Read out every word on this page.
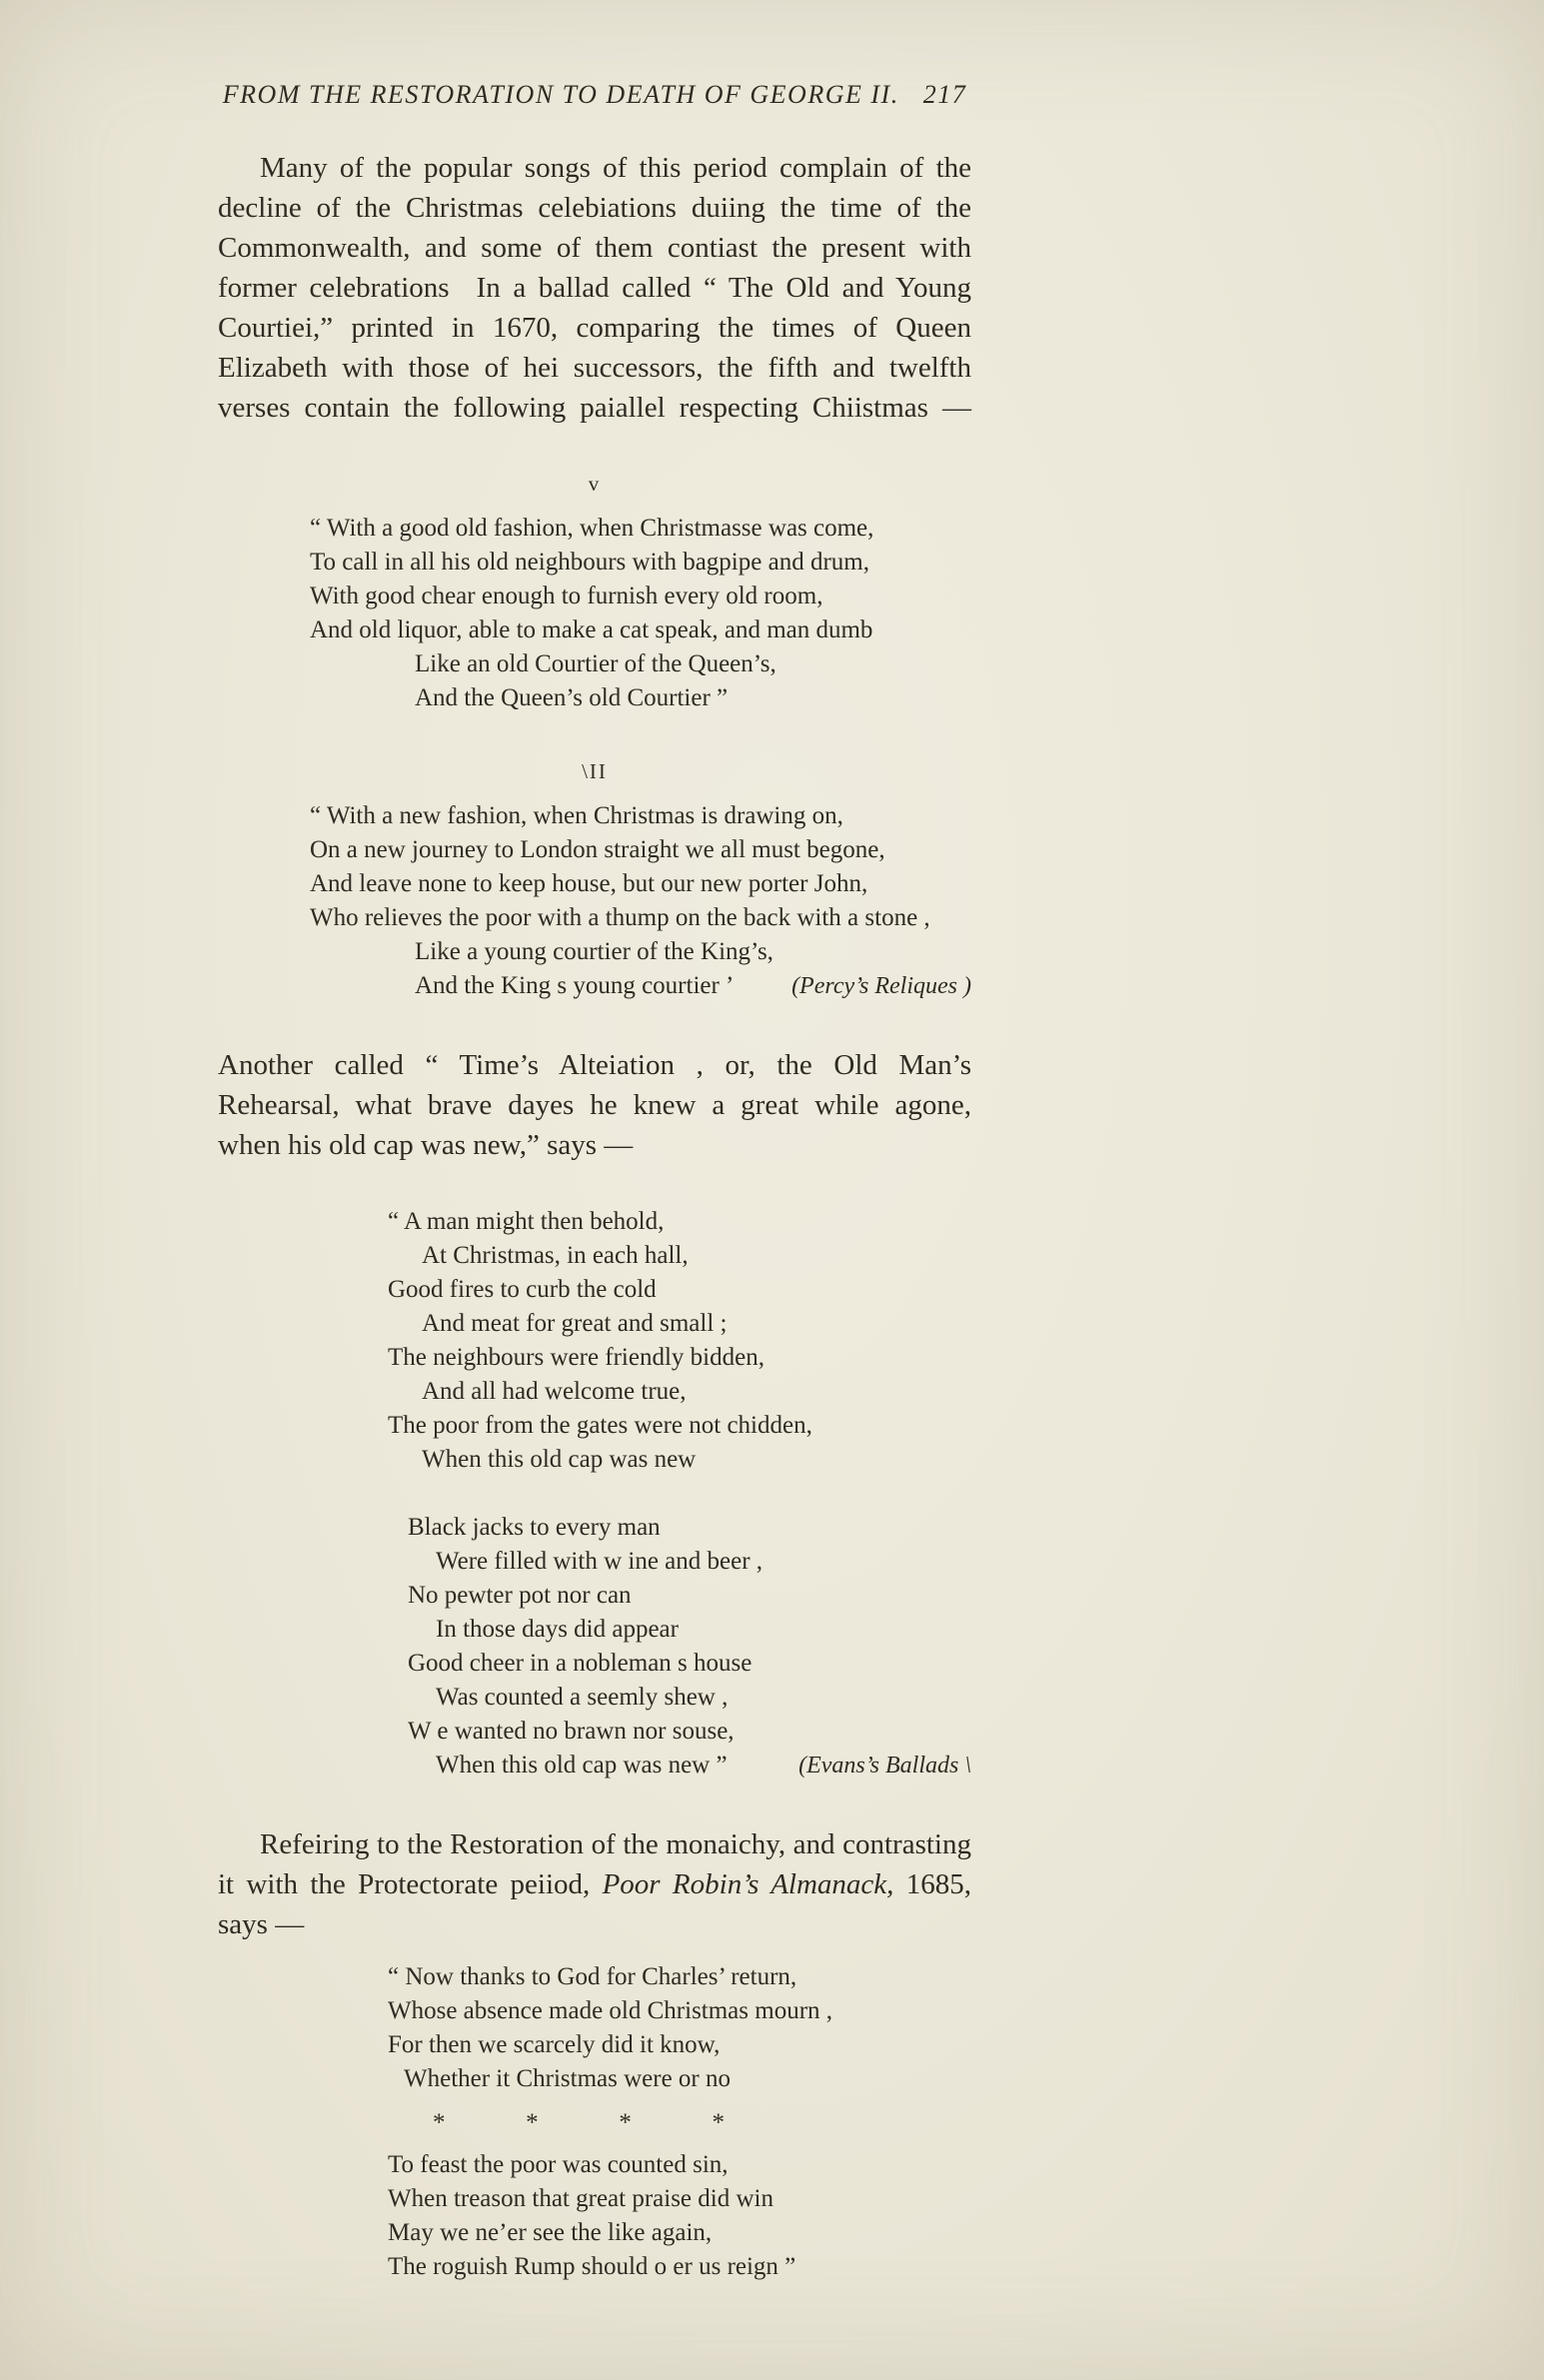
FROM THE RESTORATION TO DEATH OF GEORGE II. 217
Many of the popular songs of this period complain of the
decline of the Christmas celebiations duiing the time of the
Commonwealth, and some of them contiast the present with
former celebrations  In a ballad called “ The Old and Young
Courtiei,” printed in 1670, comparing the times of Queen
Elizabeth with those of hei successors, the fifth and twelfth
verses contain the following paiallel respecting Chiistmas —
v
“ With a good old fashion, when Christmasse was come,
To call in all his old neighbours with bagpipe and drum,
With good chear enough to furnish every old room,
And old liquor, able to make a cat speak, and man dumb
Like an old Courtier of the Queen’s,
And the Queen’s old Courtier ”
\II
“ With a new fashion, when Christmas is drawing on,
On a new journey to London straight we all must begone,
And leave none to keep house, but our new porter John,
Who relieves the poor with a thump on the back with a stone ,
Like a young courtier of the King’s,
And the King s young courtier ’ (Percy’s Reliques )
Another called “ Time’s Alteiation , or, the Old Man’s
Rehearsal, what brave dayes he knew a great while agone,
when his old cap was new,” says —
“ A man might then behold,
At Christmas, in each hall,
Good fires to curb the cold
And meat for great and small ;
The neighbours were friendly bidden,
And all had welcome true,
The poor from the gates were not chidden,
When this old cap was new
Black jacks to every man
Were filled with w ine and beer ,
No pewter pot nor can
In those days did appear
Good cheer in a nobleman s house
Was counted a seemly shew ,
W e wanted no brawn nor souse,
When this old cap was new ”	(Evans’s Ballads \
Refeiring to the Restoration of the monaichy, and contrasting
it with the Protectorate peiiod, Poor Robin’s Almanack, 1685,
says —
“ Now thanks to God for Charles’ return,
Whose absence made old Christmas mourn ,
For then we scarcely did it know,
Whether it Christmas were or no
*	*	*	*
To feast the poor was counted sin,
When treason that great praise did win
May we ne’er see the like again,
The roguish Rump should o er us reign ”
